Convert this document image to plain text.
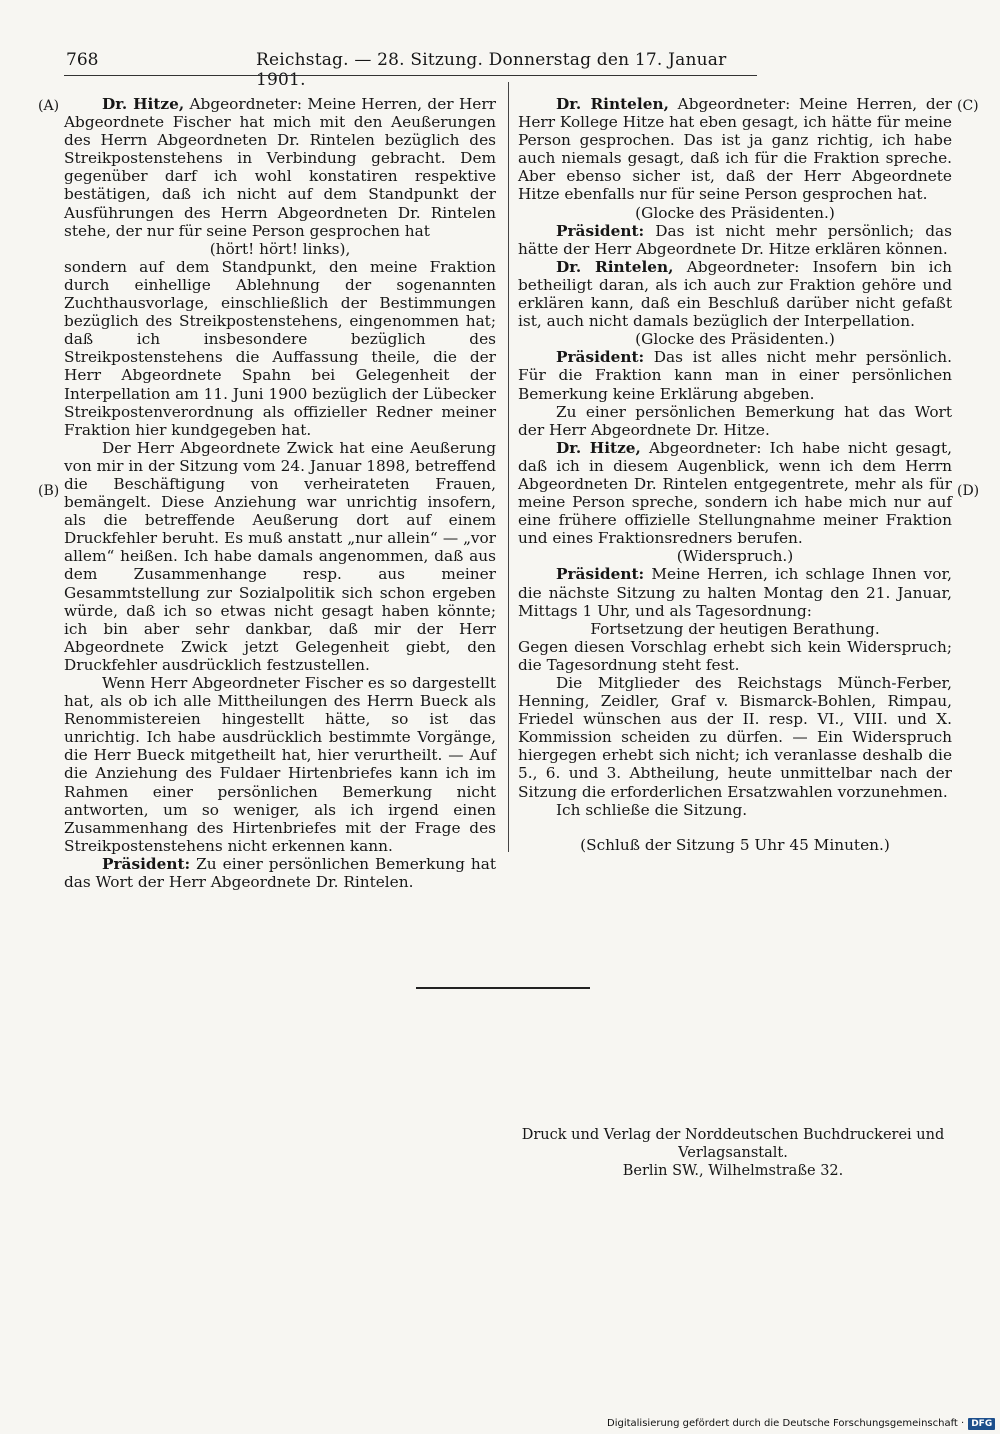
768	Reichstag. — 28. Sitzung. Donnerstag den 17. Januar 1901.
(A)
(B)
(C)
(D)

Dr. Hitze, Abgeordneter: Meine Herren, der Herr Abgeordnete Fischer hat mich mit den Aeußerungen des Herrn Abgeordneten Dr. Rintelen bezüglich des Streikpostenstehens in Verbindung gebracht. Dem gegenüber darf ich wohl konstatiren respektive bestätigen, daß ich nicht auf dem Standpunkt der Ausführungen des Herrn Abgeordneten Dr. Rintelen stehe, der nur für seine Person gesprochen hat

(hört! hört! links),

sondern auf dem Standpunkt, den meine Fraktion durch einhellige Ablehnung der sogenannten Zuchthausvorlage, einschließlich der Bestimmungen bezüglich des Streikpostenstehens, eingenommen hat; daß ich insbesondere bezüglich des Streikpostenstehens die Auffassung theile, die der Herr Abgeordnete Spahn bei Gelegenheit der Interpellation am 11. Juni 1900 bezüglich der Lübecker Streikpostenverordnung als offizieller Redner meiner Fraktion hier kundgegeben hat.

Der Herr Abgeordnete Zwick hat eine Aeußerung von mir in der Sitzung vom 24. Januar 1898, betreffend die Beschäftigung von verheirateten Frauen, bemängelt. Diese Anziehung war unrichtig insofern, als die betreffende Aeußerung dort auf einem Druckfehler beruht. Es muß anstatt „nur allein“ — „vor allem“ heißen. Ich habe damals angenommen, daß aus dem Zusammenhange resp. aus meiner Gesammtstellung zur Sozialpolitik sich schon ergeben würde, daß ich so etwas nicht gesagt haben könnte; ich bin aber sehr dankbar, daß mir der Herr Abgeordnete Zwick jetzt Gelegenheit giebt, den Druckfehler ausdrücklich festzustellen.

Wenn Herr Abgeordneter Fischer es so dargestellt hat, als ob ich alle Mittheilungen des Herrn Bueck als Renommistereien hingestellt hätte, so ist das unrichtig. Ich habe ausdrücklich bestimmte Vorgänge, die Herr Bueck mitgetheilt hat, hier verurtheilt. — Auf die Anziehung des Fuldaer Hirtenbriefes kann ich im Rahmen einer persönlichen Bemerkung nicht antworten, um so weniger, als ich irgend einen Zusammenhang des Hirtenbriefes mit der Frage des Streikpostenstehens nicht erkennen kann.

Präsident: Zu einer persönlichen Bemerkung hat das Wort der Herr Abgeordnete Dr. Rintelen.

Dr. Rintelen, Abgeordneter: Meine Herren, der Herr Kollege Hitze hat eben gesagt, ich hätte für meine Person gesprochen. Das ist ja ganz richtig, ich habe auch niemals gesagt, daß ich für die Fraktion spreche. Aber ebenso sicher ist, daß der Herr Abgeordnete Hitze ebenfalls nur für seine Person gesprochen hat.

(Glocke des Präsidenten.)

Präsident: Das ist nicht mehr persönlich; das hätte der Herr Abgeordnete Dr. Hitze erklären können.

Dr. Rintelen, Abgeordneter: Insofern bin ich betheiligt daran, als ich auch zur Fraktion gehöre und erklären kann, daß ein Beschluß darüber nicht gefaßt ist, auch nicht damals bezüglich der Interpellation.

(Glocke des Präsidenten.)

Präsident: Das ist alles nicht mehr persönlich. Für die Fraktion kann man in einer persönlichen Bemerkung keine Erklärung abgeben.

Zu einer persönlichen Bemerkung hat das Wort der Herr Abgeordnete Dr. Hitze.

Dr. Hitze, Abgeordneter: Ich habe nicht gesagt, daß ich in diesem Augenblick, wenn ich dem Herrn Abgeordneten Dr. Rintelen entgegentrete, mehr als für meine Person spreche, sondern ich habe mich nur auf eine frühere offizielle Stellungnahme meiner Fraktion und eines Fraktionsredners berufen.

(Widerspruch.)

Präsident: Meine Herren, ich schlage Ihnen vor, die nächste Sitzung zu halten Montag den 21. Januar, Mittags 1 Uhr, und als Tagesordnung:

Fortsetzung der heutigen Berathung.

Gegen diesen Vorschlag erhebt sich kein Widerspruch; die Tagesordnung steht fest.

Die Mitglieder des Reichstags Münch-Ferber, Henning, Zeidler, Graf v. Bismarck-Bohlen, Rimpau, Friedel wünschen aus der II. resp. VI., VIII. und X. Kommission scheiden zu dürfen. — Ein Widerspruch hiergegen erhebt sich nicht; ich veranlasse deshalb die 5., 6. und 3. Abtheilung, heute unmittelbar nach der Sitzung die erforderlichen Ersatzwahlen vorzunehmen.

Ich schließe die Sitzung.

(Schluß der Sitzung 5 Uhr 45 Minuten.)
Druck und Verlag der Norddeutschen Buchdruckerei und Verlagsanstalt.
Berlin SW., Wilhelmstraße 32.
Digitalisierung gefördert durch die Deutsche Forschungsgemeinschaft · DFG
